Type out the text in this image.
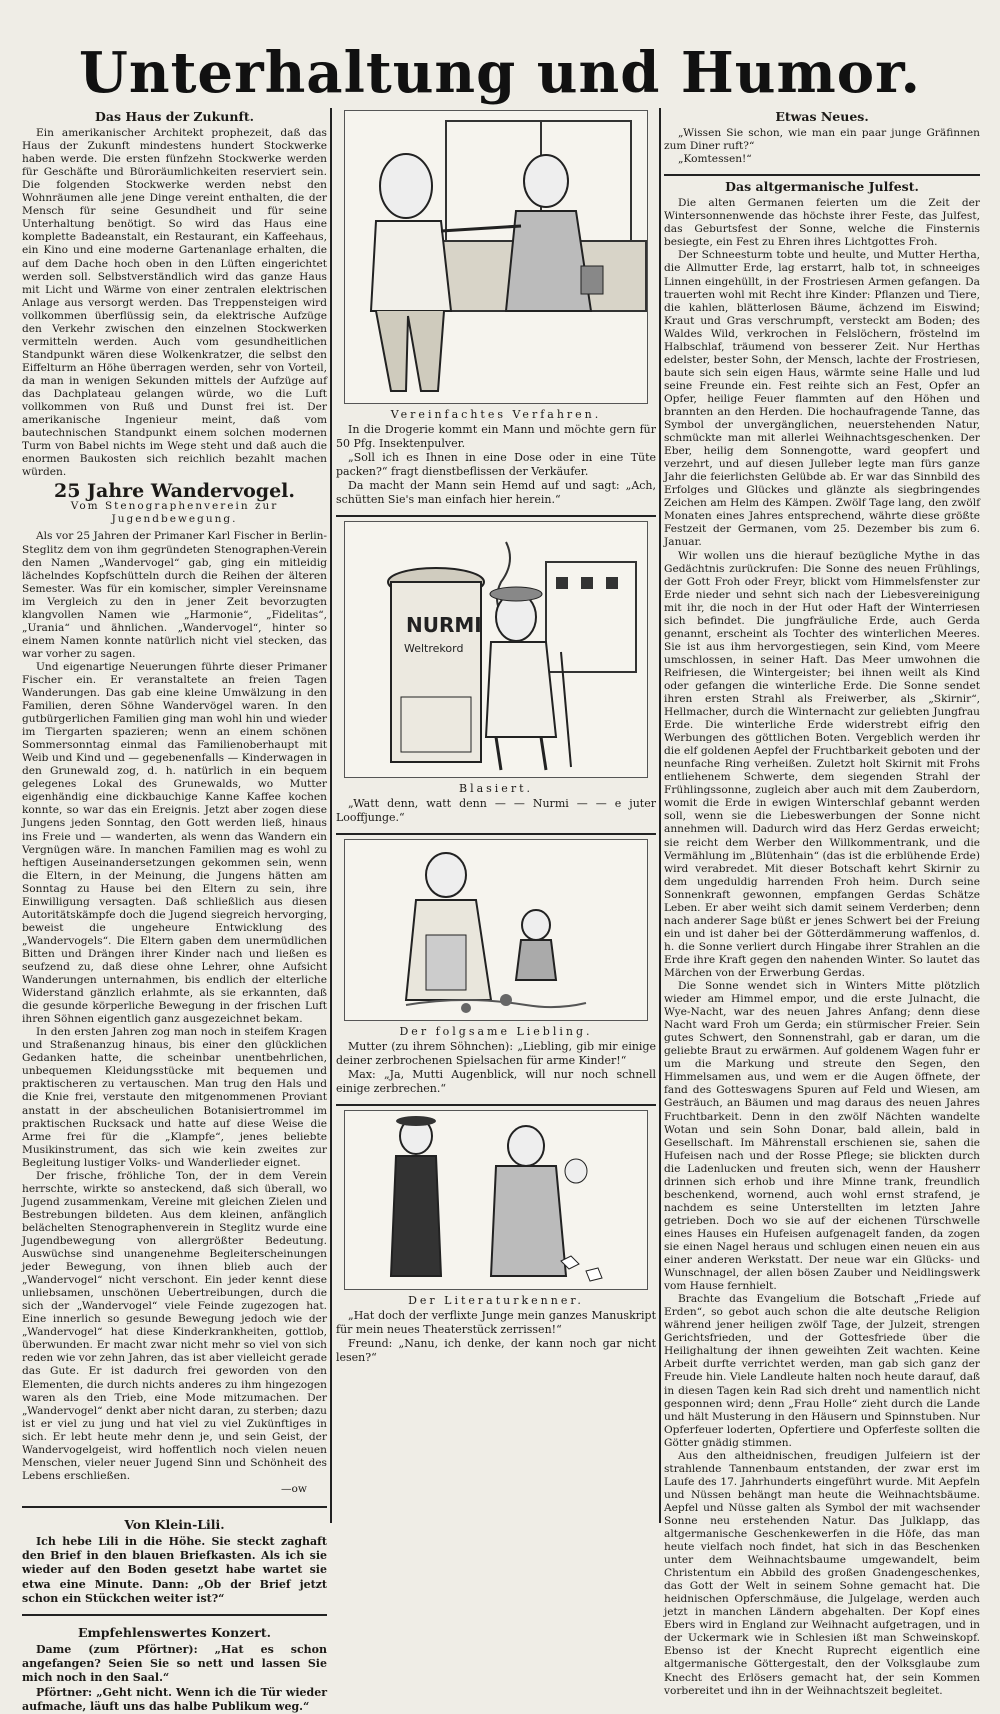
Unterhaltung und Humor.
Das Haus der Zukunft.

Ein amerikanischer Architekt prophezeit, daß das Haus der Zukunft mindestens hundert Stockwerke haben werde. Die ersten fünfzehn Stockwerke werden für Geschäfte und Büroräumlichkeiten reserviert sein. Die folgenden Stockwerke werden nebst den Wohnräumen alle jene Dinge vereint enthalten, die der Mensch für seine Gesundheit und für seine Unterhaltung benötigt. So wird das Haus eine komplette Badeanstalt, ein Restaurant, ein Kaffeehaus, ein Kino und eine moderne Gartenanlage erhalten, die auf dem Dache hoch oben in den Lüften eingerichtet werden soll. Selbstverständlich wird das ganze Haus mit Licht und Wärme von einer zentralen elektrischen Anlage aus versorgt werden. Das Treppensteigen wird vollkommen überflüssig sein, da elektrische Aufzüge den Verkehr zwischen den einzelnen Stockwerken vermitteln werden. Auch vom gesundheitlichen Standpunkt wären diese Wolkenkratzer, die selbst den Eiffelturm an Höhe überragen werden, sehr von Vorteil, da man in wenigen Sekunden mittels der Aufzüge auf das Dachplateau gelangen würde, wo die Luft vollkommen von Ruß und Dunst frei ist. Der amerikanische Ingenieur meint, daß vom bautechnischen Standpunkt einem solchen modernen Turm von Babel nichts im Wege steht und daß auch die enormen Baukosten sich reichlich bezahlt machen würden.

25 Jahre Wandervogel.
Vom Stenographenverein zur Jugendbewegung.

Als vor 25 Jahren der Primaner Karl Fischer in Berlin-Steglitz dem von ihm gegründeten Stenographen-Verein den Namen „Wandervogel“ gab, ging ein mitleidig lächelndes Kopfschütteln durch die Reihen der älteren Semester. Was für ein komischer, simpler Vereinsname im Vergleich zu den in jener Zeit bevorzugten klangvollen Namen wie „Harmonie“, „Fidelitas“, „Urania“ und ähnlichen. „Wandervogel“, hinter so einem Namen konnte natürlich nicht viel stecken, das war vorher zu sagen.

Und eigenartige Neuerungen führte dieser Primaner Fischer ein. Er veranstaltete an freien Tagen Wanderungen. Das gab eine kleine Umwälzung in den Familien, deren Söhne Wandervögel waren. In den gutbürgerlichen Familien ging man wohl hin und wieder im Tiergarten spazieren; wenn an einem schönen Sommersonntag einmal das Familienoberhaupt mit Weib und Kind und — gegebenenfalls — Kinderwagen in den Grunewald zog, d. h. natürlich in ein bequem gelegenes Lokal des Grunewalds, wo Mutter eigenhändig eine dickbauchige Kanne Kaffee kochen konnte, so war das ein Ereignis. Jetzt aber zogen diese Jungens jeden Sonntag, den Gott werden ließ, hinaus ins Freie und — wanderten, als wenn das Wandern ein Vergnügen wäre. In manchen Familien mag es wohl zu heftigen Auseinandersetzungen gekommen sein, wenn die Eltern, in der Meinung, die Jungens hätten am Sonntag zu Hause bei den Eltern zu sein, ihre Einwilligung versagten. Daß schließlich aus diesen Autoritätskämpfe doch die Jugend siegreich hervorging, beweist die ungeheure Entwicklung des „Wandervogels“. Die Eltern gaben dem unermüdlichen Bitten und Drängen ihrer Kinder nach und ließen es seufzend zu, daß diese ohne Lehrer, ohne Aufsicht Wanderungen unternahmen, bis endlich der elterliche Widerstand gänzlich erlahmte, als sie erkannten, daß die gesunde körperliche Bewegung in der frischen Luft ihren Söhnen eigentlich ganz ausgezeichnet bekam.

In den ersten Jahren zog man noch in steifem Kragen und Straßenanzug hinaus, bis einer den glücklichen Gedanken hatte, die scheinbar unentbehrlichen, unbequemen Kleidungsstücke mit bequemen und praktischeren zu vertauschen. Man trug den Hals und die Knie frei, verstaute den mitgenommenen Proviant anstatt in der abscheulichen Botanisiertrommel im praktischen Rucksack und hatte auf diese Weise die Arme frei für die „Klampfe“, jenes beliebte Musikinstrument, das sich wie kein zweites zur Begleitung lustiger Volks- und Wanderlieder eignet.

Der frische, fröhliche Ton, der in dem Verein herrschte, wirkte so ansteckend, daß sich überall, wo Jugend zusammenkam, Vereine mit gleichen Zielen und Bestrebungen bildeten. Aus dem kleinen, anfänglich belächelten Stenographenverein in Steglitz wurde eine Jugendbewegung von allergrößter Bedeutung. Auswüchse sind unangenehme Begleiterscheinungen jeder Bewegung, von ihnen blieb auch der „Wandervogel“ nicht verschont. Ein jeder kennt diese unliebsamen, unschönen Uebertreibungen, durch die sich der „Wandervogel“ viele Feinde zugezogen hat. Eine innerlich so gesunde Bewegung jedoch wie der „Wandervogel“ hat diese Kinderkrankheiten, gottlob, überwunden. Er macht zwar nicht mehr so viel von sich reden wie vor zehn Jahren, das ist aber vielleicht gerade das Gute. Er ist dadurch frei geworden von den Elementen, die durch nichts anderes zu ihm hingezogen waren als den Trieb, eine Mode mitzumachen. Der „Wandervogel“ denkt aber nicht daran, zu sterben; dazu ist er viel zu jung und hat viel zu viel Zukünftiges in sich. Er lebt heute mehr denn je, und sein Geist, der Wandervogelgeist, wird hoffentlich noch vielen neuen Menschen, vieler neuer Jugend Sinn und Schönheit des Lebens erschließen.

—ow
Von Klein-Lili.

Ich hebe Lili in die Höhe. Sie steckt zaghaft den Brief in den blauen Briefkasten. Als ich sie wieder auf den Boden gesetzt habe wartet sie etwa eine Minute. Dann: „Ob der Brief jetzt schon ein Stückchen weiter ist?“

Empfehlenswertes Konzert.

Dame (zum Pförtner): „Hat es schon angefangen? Seien Sie so nett und lassen Sie mich noch in den Saal.“

Pförtner: „Geht nicht. Wenn ich die Tür wieder aufmache, läuft uns das halbe Publikum weg.“

Vereinfachtes Verfahren.

In die Drogerie kommt ein Mann und möchte gern für 50 Pfg. Insektenpulver.

„Soll ich es Ihnen in eine Dose oder in eine Tüte packen?“ fragt dienstbeflissen der Verkäufer.

Da macht der Mann sein Hemd auf und sagt: „Ach, schütten Sie's man einfach hier herein.“

NURMI
Weltrekord
Blasiert.

„Watt denn, watt denn — — Nurmi — — e juter Looffjunge.“

Der folgsame Liebling.

Mutter (zu ihrem Söhnchen): „Liebling, gib mir einige deiner zerbrochenen Spielsachen für arme Kinder!“

Max: „Ja, Mutti Augenblick, will nur noch schnell einige zerbrechen.“

Der Literaturkenner.

„Hat doch der verflixte Junge mein ganzes Manuskript für mein neues Theaterstück zerrissen!“

Freund: „Nanu, ich denke, der kann noch gar nicht lesen?“

Etwas Neues.

„Wissen Sie schon, wie man ein paar junge Gräfinnen zum Diner ruft?“

„Komtessen!“

Das altgermanische Julfest.

Die alten Germanen feierten um die Zeit der Wintersonnenwende das höchste ihrer Feste, das Julfest, das Geburtsfest der Sonne, welche die Finsternis besiegte, ein Fest zu Ehren ihres Lichtgottes Froh.

Der Schneesturm tobte und heulte, und Mutter Hertha, die Allmutter Erde, lag erstarrt, halb tot, in schneeiges Linnen eingehüllt, in der Frostriesen Armen gefangen. Da trauerten wohl mit Recht ihre Kinder: Pflanzen und Tiere, die kahlen, blätterlosen Bäume, ächzend im Eiswind; Kraut und Gras verschrumpft, versteckt am Boden; des Waldes Wild, verkrochen in Felslöchern, fröstelnd im Halbschlaf, träumend von besserer Zeit. Nur Herthas edelster, bester Sohn, der Mensch, lachte der Frostriesen, baute sich sein eigen Haus, wärmte seine Halle und lud seine Freunde ein. Fest reihte sich an Fest, Opfer an Opfer, heilige Feuer flammten auf den Höhen und brannten an den Herden. Die hochaufragende Tanne, das Symbol der unvergänglichen, neuerstehenden Natur, schmückte man mit allerlei Weihnachtsgeschenken. Der Eber, heilig dem Sonnengotte, ward geopfert und verzehrt, und auf diesen Julleber legte man fürs ganze Jahr die feierlichsten Gelübde ab. Er war das Sinnbild des Erfolges und Glückes und glänzte als siegbringendes Zeichen am Helm des Kämpen. Zwölf Tage lang, den zwölf Monaten eines Jahres entsprechend, währte diese größte Festzeit der Germanen, vom 25. Dezember bis zum 6. Januar.

Wir wollen uns die hierauf bezügliche Mythe in das Gedächtnis zurückrufen: Die Sonne des neuen Frühlings, der Gott Froh oder Freyr, blickt vom Himmelsfenster zur Erde nieder und sehnt sich nach der Liebesvereinigung mit ihr, die noch in der Hut oder Haft der Winterriesen sich befindet. Die jungfräuliche Erde, auch Gerda genannt, erscheint als Tochter des winterlichen Meeres. Sie ist aus ihm hervorgestiegen, sein Kind, vom Meere umschlossen, in seiner Haft. Das Meer umwohnen die Reifriesen, die Wintergeister; bei ihnen weilt als Kind oder gefangen die winterliche Erde. Die Sonne sendet ihren ersten Strahl als Freiwerber, als „Skirnir“, Hellmacher, durch die Winternacht zur geliebten Jungfrau Erde. Die winterliche Erde widerstrebt eifrig den Werbungen des göttlichen Boten. Vergeblich werden ihr die elf goldenen Aepfel der Fruchtbarkeit geboten und der neunfache Ring verheißen. Zuletzt holt Skirnit mit Frohs entliehenem Schwerte, dem siegenden Strahl der Frühlingssonne, zugleich aber auch mit dem Zauberdorn, womit die Erde in ewigen Winterschlaf gebannt werden soll, wenn sie die Liebeswerbungen der Sonne nicht annehmen will. Dadurch wird das Herz Gerdas erweicht; sie reicht dem Werber den Willkommentrank, und die Vermählung im „Blütenhain“ (das ist die erblühende Erde) wird verabredet. Mit dieser Botschaft kehrt Skirnir zu dem ungeduldig harrenden Froh heim. Durch seine Sonnenkraft gewonnen, empfangen Gerdas Schätze Leben. Er aber weiht sich damit seinem Verderben; denn nach anderer Sage büßt er jenes Schwert bei der Freiung ein und ist daher bei der Götterdämmerung waffenlos, d. h. die Sonne verliert durch Hingabe ihrer Strahlen an die Erde ihre Kraft gegen den nahenden Winter. So lautet das Märchen von der Erwerbung Gerdas.

Die Sonne wendet sich in Winters Mitte plötzlich wieder am Himmel empor, und die erste Julnacht, die Wye-Nacht, war des neuen Jahres Anfang; denn diese Nacht ward Froh um Gerda; ein stürmischer Freier. Sein gutes Schwert, den Sonnenstrahl, gab er daran, um die geliebte Braut zu erwärmen. Auf goldenem Wagen fuhr er um die Markung und streute den Segen, den Himmelsamen aus, und wem er die Augen öffnete, der fand des Gotteswagens Spuren auf Feld und Wiesen, am Gesträuch, an Bäumen und mag daraus des neuen Jahres Fruchtbarkeit. Denn in den zwölf Nächten wandelte Wotan und sein Sohn Donar, bald allein, bald in Gesellschaft. Im Mährenstall erschienen sie, sahen die Hufeisen nach und der Rosse Pflege; sie blickten durch die Ladenlucken und freuten sich, wenn der Hausherr drinnen sich erhob und ihre Minne trank, freundlich beschenkend, wornend, auch wohl ernst strafend, je nachdem es seine Unterstellten im letzten Jahre getrieben. Doch wo sie auf der eichenen Türschwelle eines Hauses ein Hufeisen aufgenagelt fanden, da zogen sie einen Nagel heraus und schlugen einen neuen ein aus einer anderen Werkstatt. Der neue war ein Glücks- und Wunschnagel, der allen bösen Zauber und Neidlingswerk vom Hause fernhielt.

Brachte das Evangelium die Botschaft „Friede auf Erden“, so gebot auch schon die alte deutsche Religion während jener heiligen zwölf Tage, der Julzeit, strengen Gerichtsfrieden, und der Gottesfriede über die Heilighaltung der ihnen geweihten Zeit wachten. Keine Arbeit durfte verrichtet werden, man gab sich ganz der Freude hin. Viele Landleute halten noch heute darauf, daß in diesen Tagen kein Rad sich dreht und namentlich nicht gesponnen wird; denn „Frau Holle“ zieht durch die Lande und hält Musterung in den Häusern und Spinnstuben. Nur Opferfeuer loderten, Opfertiere und Opferfeste sollten die Götter gnädig stimmen.

Aus den altheidnischen, freudigen Julfeiern ist der strahlende Tannenbaum entstanden, der zwar erst im Laufe des 17. Jahrhunderts eingeführt wurde. Mit Aepfeln und Nüssen behängt man heute die Weihnachtsbäume. Aepfel und Nüsse galten als Symbol der mit wachsender Sonne neu erstehenden Natur. Das Julklapp, das altgermanische Geschenkewerfen in die Höfe, das man heute vielfach noch findet, hat sich in das Beschenken unter dem Weihnachtsbaume umgewandelt, beim Christentum ein Abbild des großen Gnadengeschenkes, das Gott der Welt in seinem Sohne gemacht hat. Die heidnischen Opferschmäuse, die Julgelage, werden auch jetzt in manchen Ländern abgehalten. Der Kopf eines Ebers wird in England zur Weihnacht aufgetragen, und in der Uckermark wie in Schlesien ißt man Schweinskopf. Ebenso ist der Knecht Ruprecht eigentlich eine altgermanische Göttergestalt, den der Volksglaube zum Knecht des Erlösers gemacht hat, der sein Kommen vorbereitet und ihn in der Weihnachtszeit begleitet.
